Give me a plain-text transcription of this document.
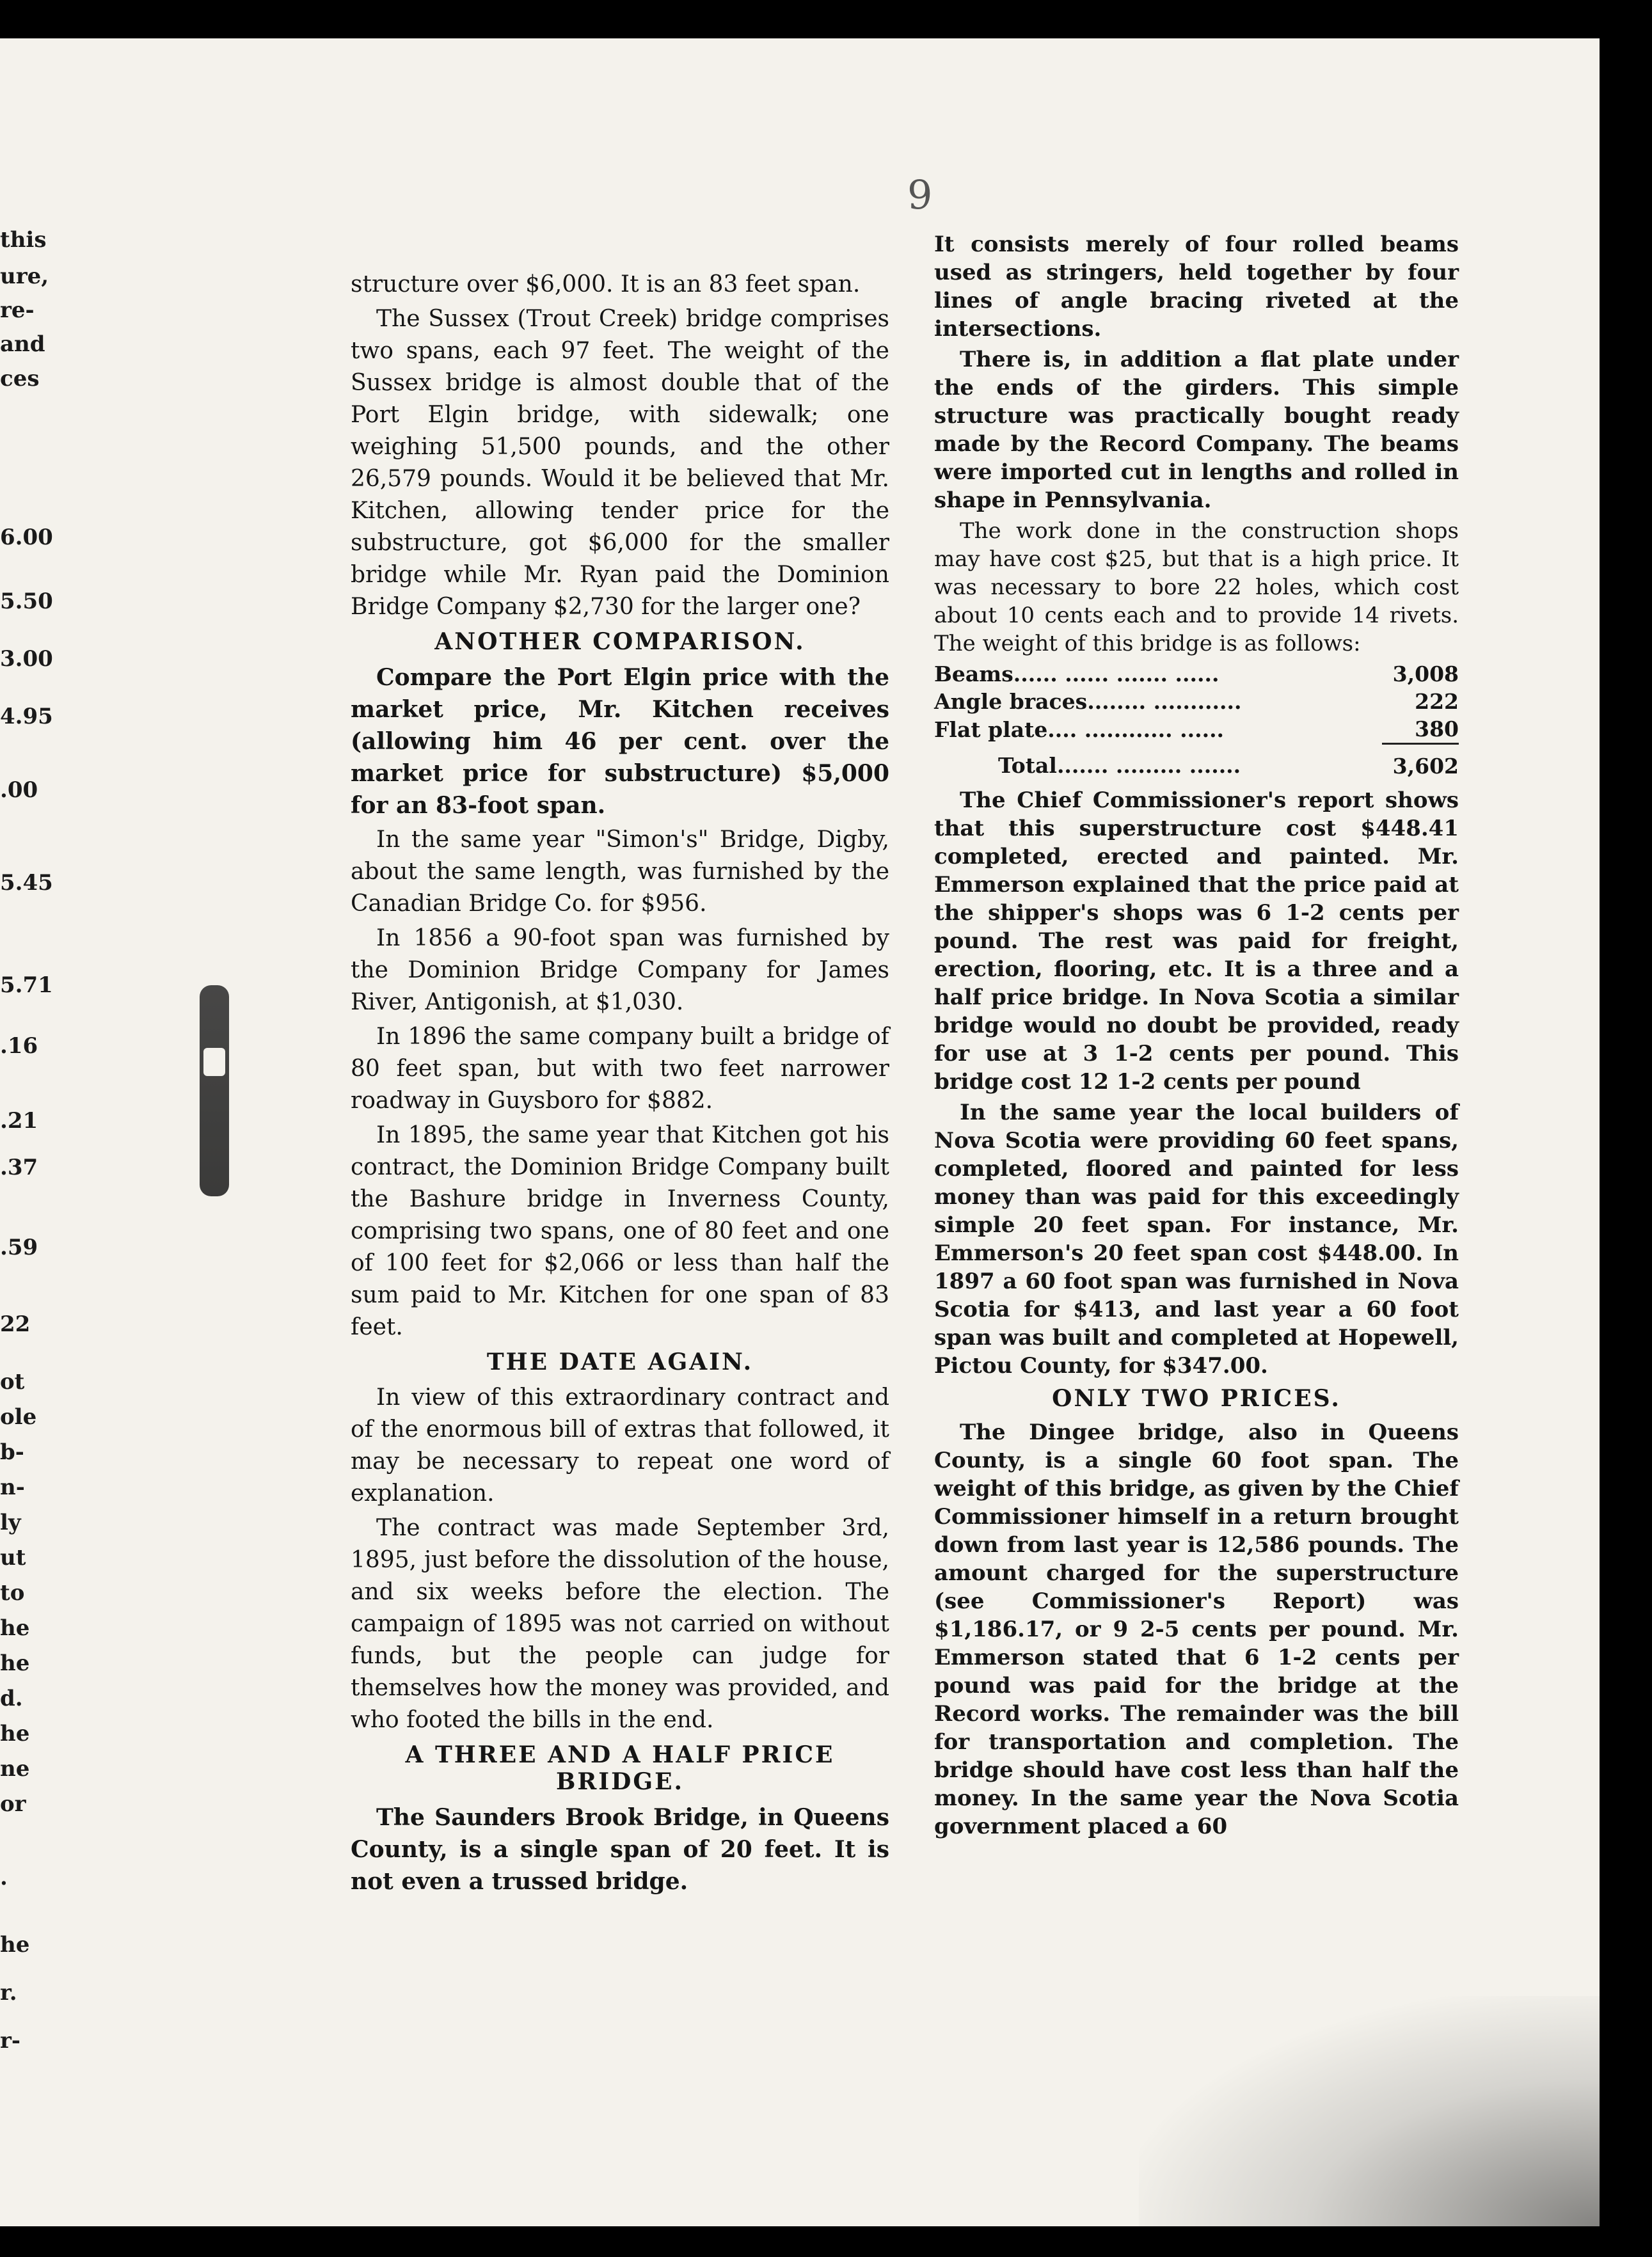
9
this
ure,
re-
and
ces
6.00
5.50
3.00
4.95
.00
5.45
5.71
.16
.21
.37
.59
22
ot
ole
b-
n-
ly
ut
to
he
he
d.
he
ne
or
.
he
r.
r-

structure over $6,000. It is an 83 feet span.

The Sussex (Trout Creek) bridge comprises two spans, each 97 feet. The weight of the Sussex bridge is almost double that of the Port Elgin bridge, with sidewalk; one weighing 51,500 pounds, and the other 26,579 pounds. Would it be believed that Mr. Kitchen, allowing tender price for the substructure, got $6,000 for the smaller bridge while Mr. Ryan paid the Dominion Bridge Company $2,730 for the larger one?

ANOTHER COMPARISON.

Compare the Port Elgin price with the market price, Mr. Kitchen receives (allowing him 46 per cent. over the market price for substructure) $5,000 for an 83-foot span.

In the same year "Simon's" Bridge, Digby, about the same length, was furnished by the Canadian Bridge Co. for $956.

In 1856 a 90-foot span was furnished by the Dominion Bridge Company for James River, Antigonish, at $1,030.

In 1896 the same company built a bridge of 80 feet span, but with two feet narrower roadway in Guysboro for $882.

In 1895, the same year that Kitchen got his contract, the Dominion Bridge Company built the Bashure bridge in Inverness County, comprising two spans, one of 80 feet and one of 100 feet for $2,066 or less than half the sum paid to Mr. Kitchen for one span of 83 feet.

THE DATE AGAIN.

In view of this extraordinary contract and of the enormous bill of extras that followed, it may be necessary to repeat one word of explanation.

The contract was made September 3rd, 1895, just before the dissolution of the house, and six weeks before the election. The campaign of 1895 was not carried on without funds, but the people can judge for themselves how the money was provided, and who footed the bills in the end.

A THREE AND A HALF PRICE
BRIDGE.

The Saunders Brook Bridge, in Queens County, is a single span of 20 feet. It is not even a trussed bridge.

It consists merely of four rolled beams used as stringers, held together by four lines of angle bracing riveted at the intersections.

There is, in addition a flat plate under the ends of the girders. This simple structure was practically bought ready made by the Record Company. The beams were imported cut in lengths and rolled in shape in Pennsylvania.

The work done in the construction shops may have cost $25, but that is a high price. It was necessary to bore 22 holes, which cost about 10 cents each and to provide 14 rivets. The weight of this bridge is as follows:

Beams...... ...... ....... ......	3,008
Angle braces........ ............	222
Flat plate.... ............ ......	380
Total....... ......... .......	3,602

The Chief Commissioner's report shows that this superstructure cost $448.41 completed, erected and painted. Mr. Emmerson explained that the price paid at the shipper's shops was 6 1-2 cents per pound. The rest was paid for freight, erection, flooring, etc. It is a three and a half price bridge. In Nova Scotia a similar bridge would no doubt be provided, ready for use at 3 1-2 cents per pound. This bridge cost 12 1-2 cents per pound

In the same year the local builders of Nova Scotia were providing 60 feet spans, completed, floored and painted for less money than was paid for this exceedingly simple 20 feet span. For instance, Mr. Emmerson's 20 feet span cost $448.00. In 1897 a 60 foot span was furnished in Nova Scotia for $413, and last year a 60 foot span was built and completed at Hopewell, Pictou County, for $347.00.

ONLY TWO PRICES.

The Dingee bridge, also in Queens County, is a single 60 foot span. The weight of this bridge, as given by the Chief Commissioner himself in a return brought down from last year is 12,586 pounds. The amount charged for the superstructure (see Commissioner's Report) was $1,186.17, or 9 2-5 cents per pound. Mr. Emmerson stated that 6 1-2 cents per pound was paid for the bridge at the Record works. The remainder was the bill for transportation and completion. The bridge should have cost less than half the money. In the same year the Nova Scotia government placed a 60
